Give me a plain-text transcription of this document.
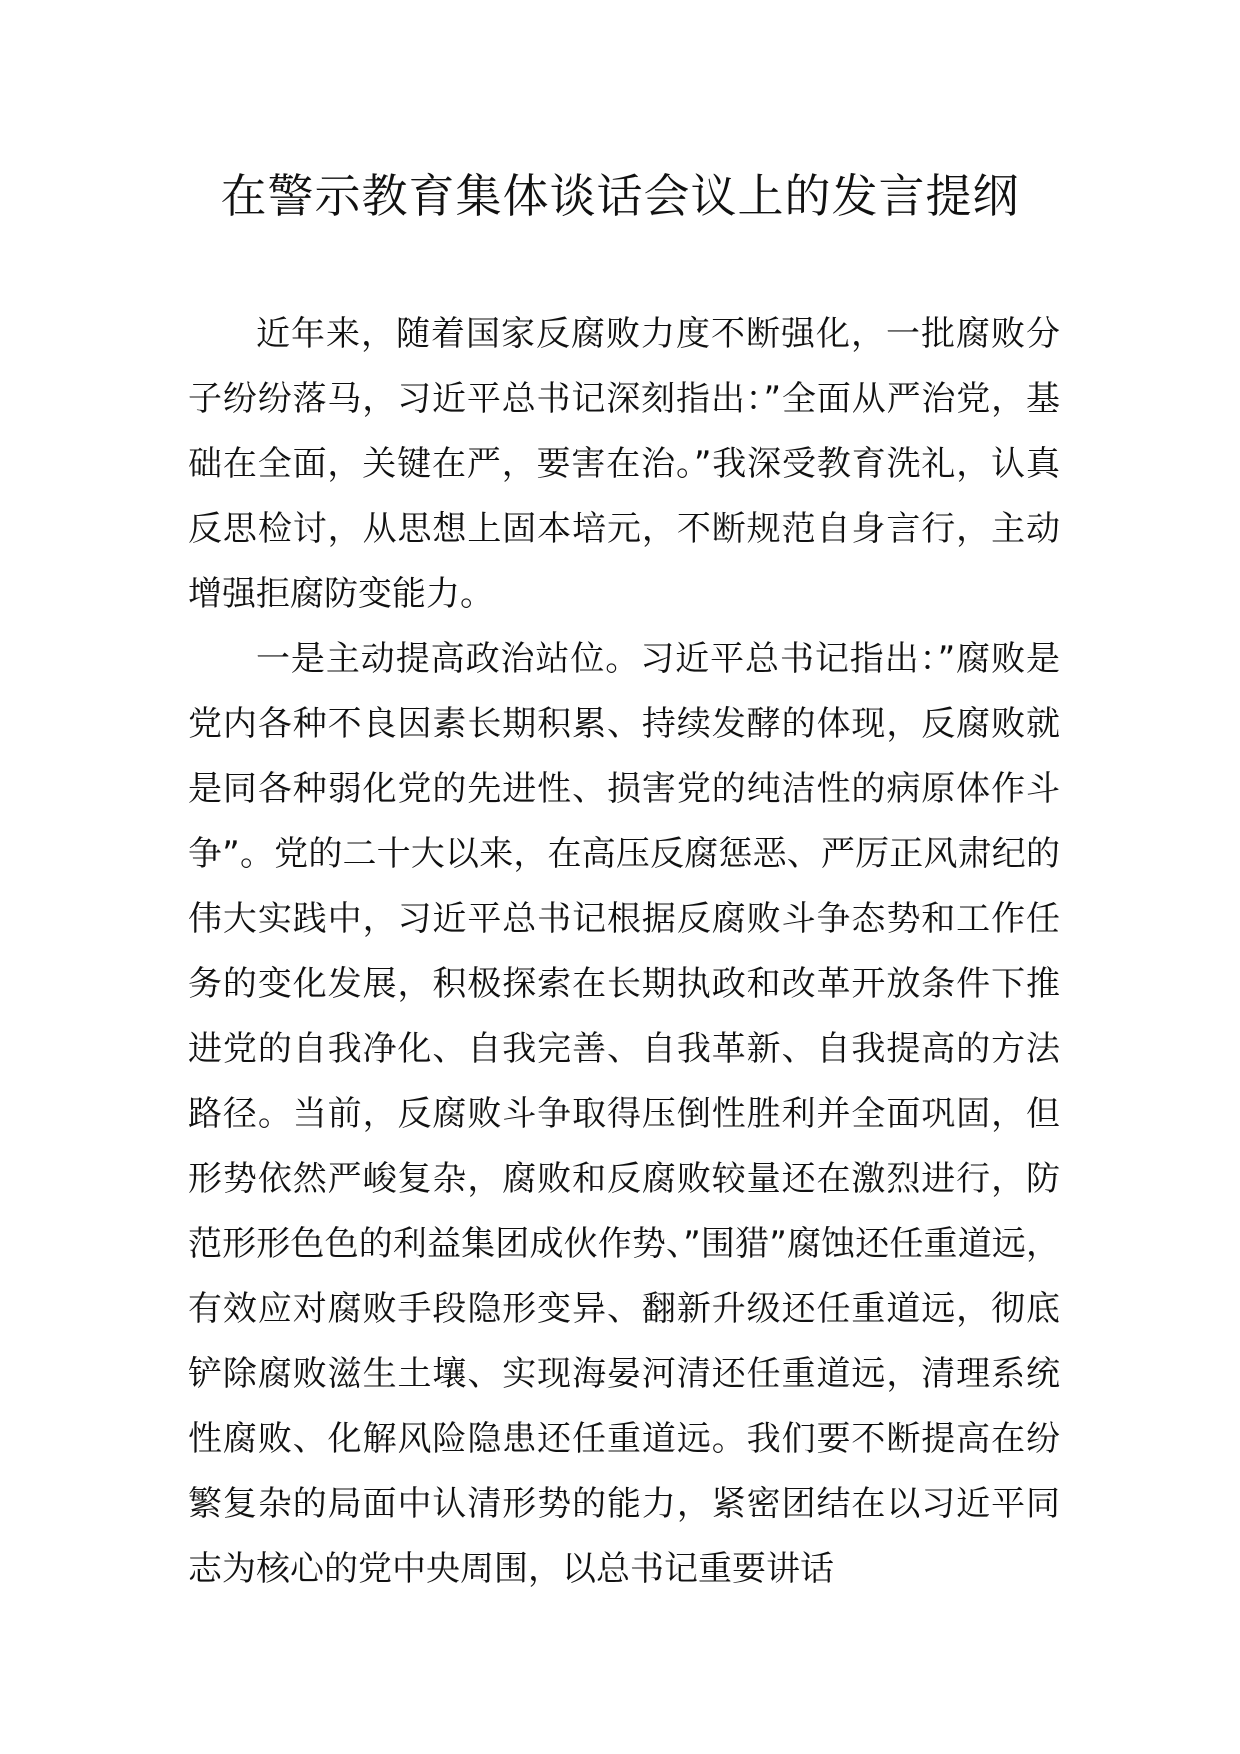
在警示教育集体谈话会议上的发言提纲

近年来，随着国家反腐败力度不断强化，一批腐败分子纷纷落马，习近平总书记深刻指出：”全面从严治党，基础在全面，关键在严，要害在治。”我深受教育洗礼，认真反思检讨，从思想上固本培元，不断规范自身言行，主动增强拒腐防变能力。

一是主动提高政治站位。习近平总书记指出：”腐败是党内各种不良因素长期积累、持续发酵的体现，反腐败就是同各种弱化党的先进性、损害党的纯洁性的病原体作斗争”。党的二十大以来，在高压反腐惩恶、严厉正风肃纪的伟大实践中，习近平总书记根据反腐败斗争态势和工作任务的变化发展，积极探索在长期执政和改革开放条件下推进党的自我净化、自我完善、自我革新、自我提高的方法路径。当前，反腐败斗争取得压倒性胜利并全面巩固，但形势依然严峻复杂，腐败和反腐败较量还在激烈进行，防范形形色色的利益集团成伙作势、”围猎”腐蚀还任重道远，有效应对腐败手段隐形变异、翻新升级还任重道远，彻底铲除腐败滋生土壤、实现海晏河清还任重道远，清理系统性腐败、化解风险隐患还任重道远。我们要不断提高在纷繁复杂的局面中认清形势的能力，紧密团结在以习近平同志为核心的党中央周围，以总书记重要讲话
